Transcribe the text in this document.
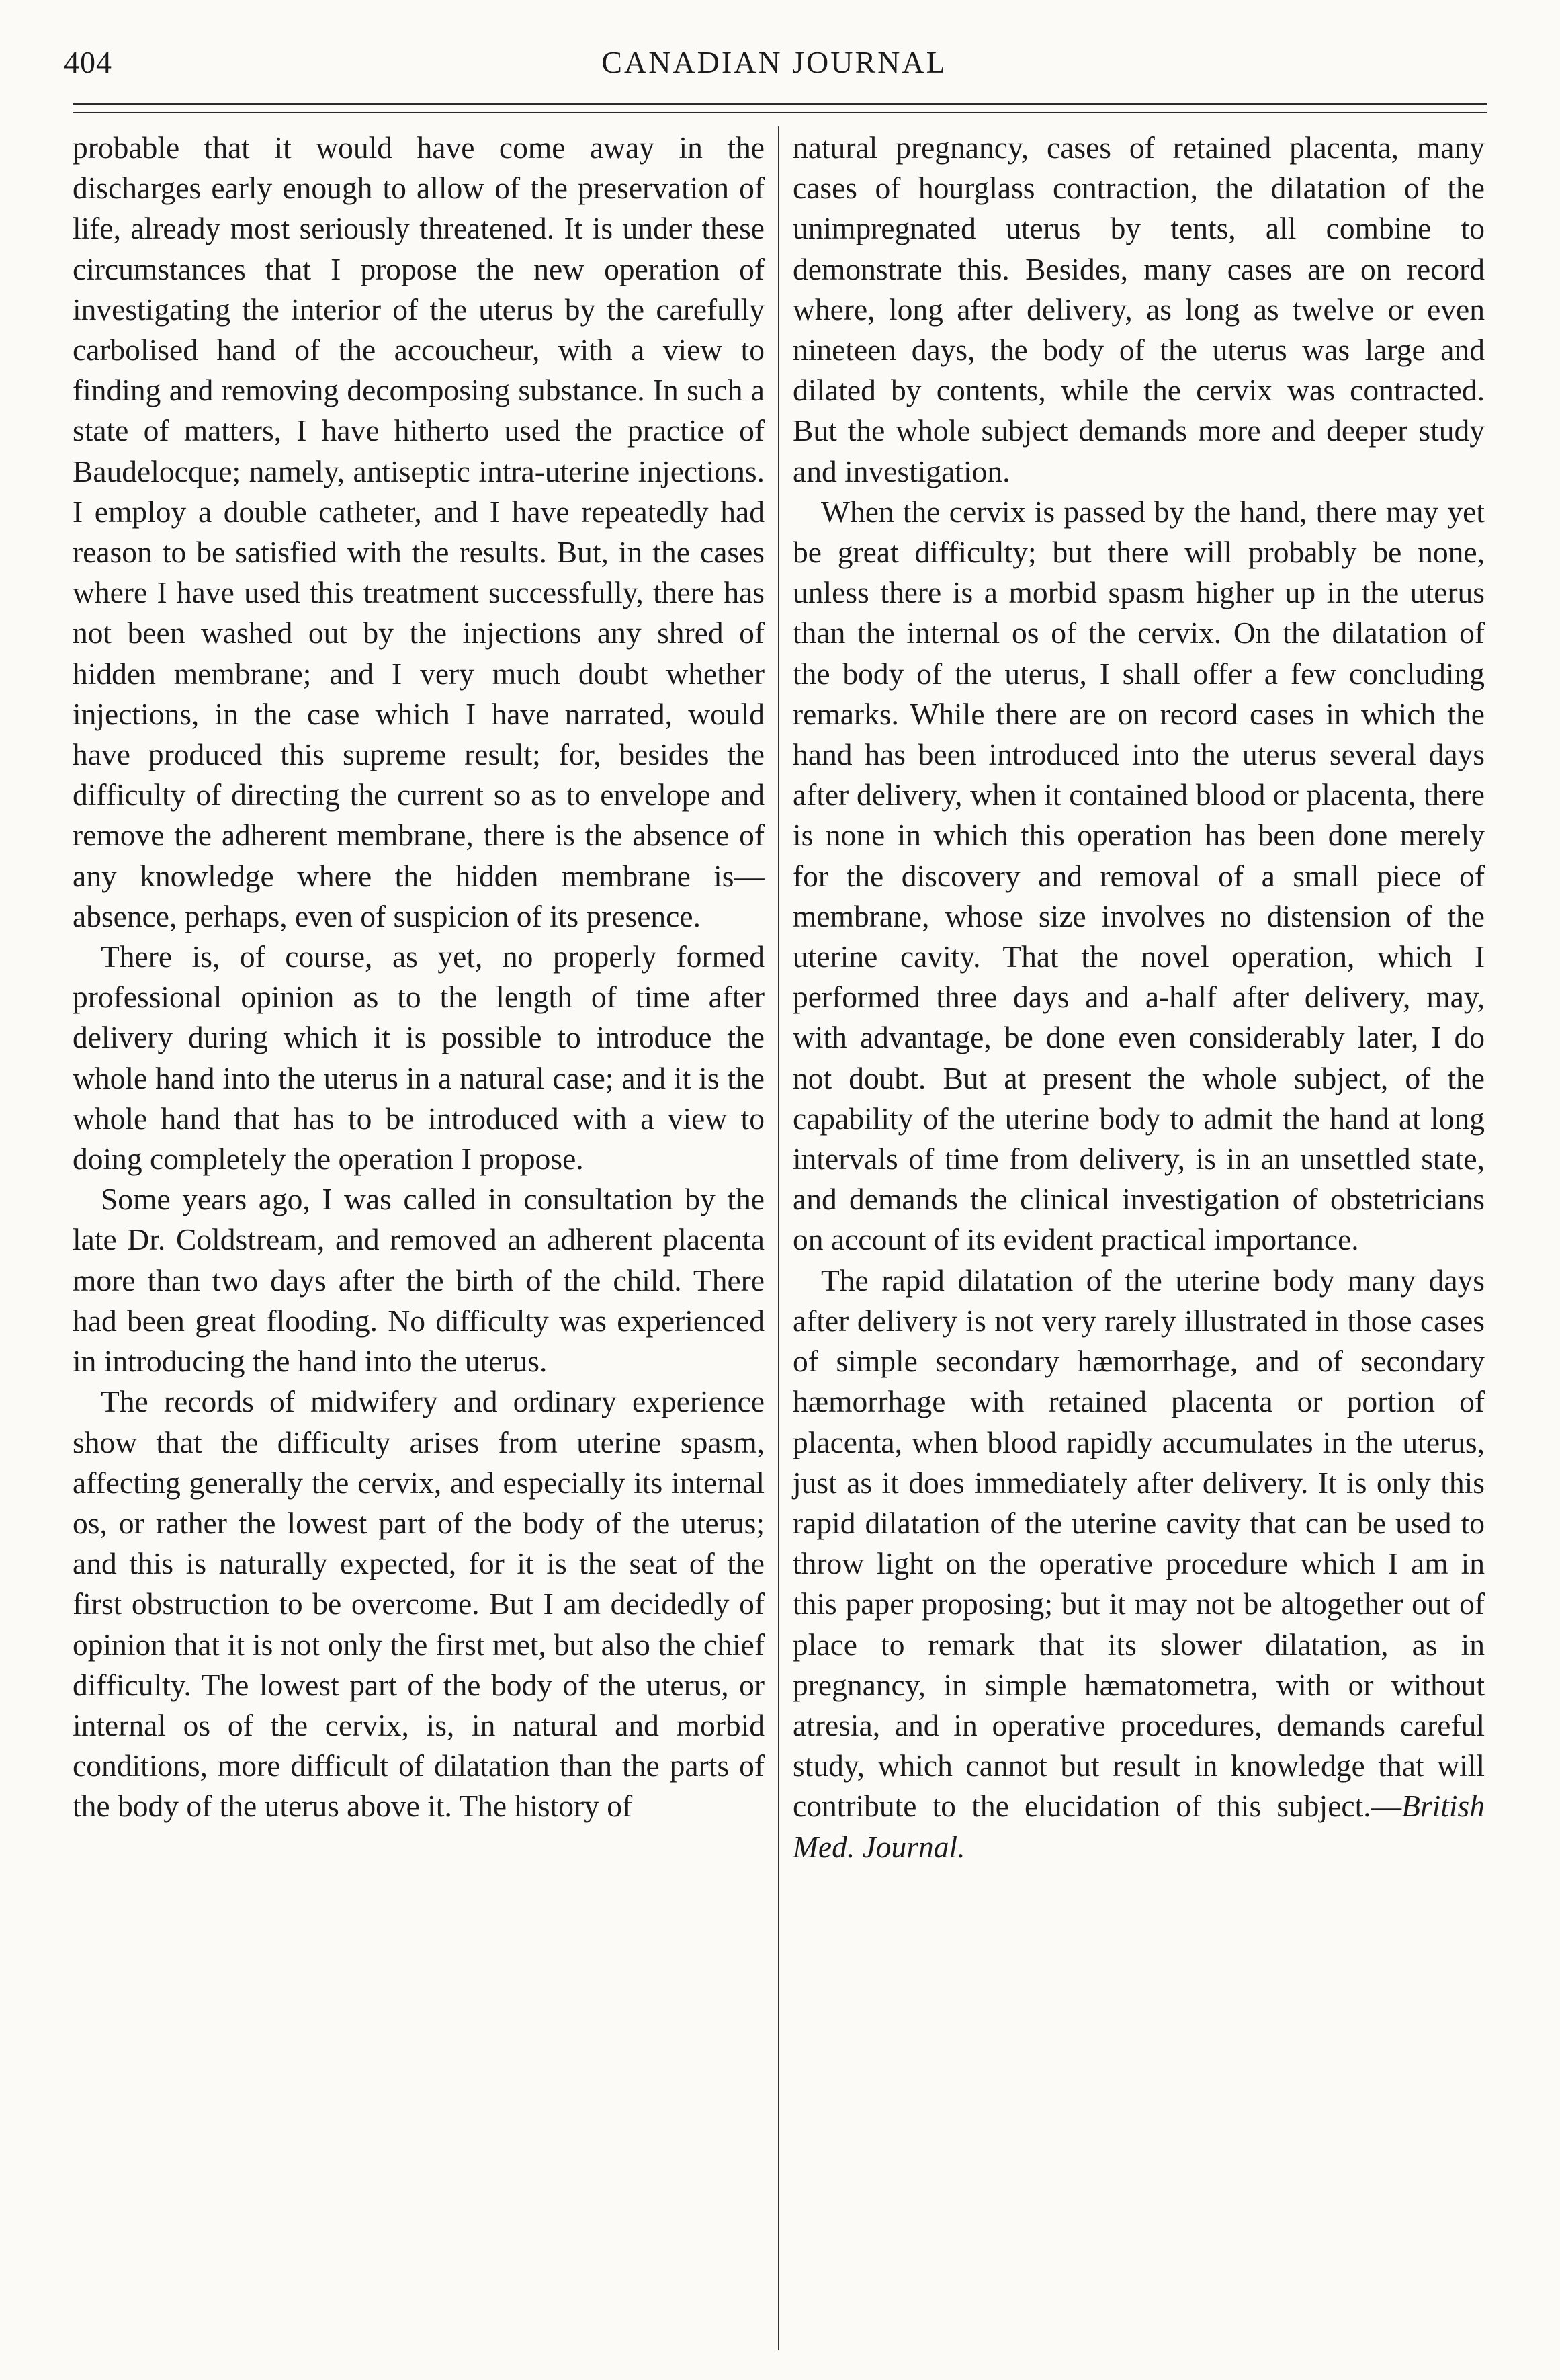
404	CANADIAN JOURNAL

probable that it would have come away in the discharges early enough to allow of the preservation of life, already most seriously threatened. It is under these circumstances that I propose the new operation of investigating the interior of the uterus by the carefully carbolised hand of the accoucheur, with a view to finding and removing decomposing substance. In such a state of matters, I have hitherto used the practice of Baudelocque; namely, antiseptic intra-uterine injections. I employ a double catheter, and I have repeatedly had reason to be satisfied with the results. But, in the cases where I have used this treatment successfully, there has not been washed out by the injections any shred of hidden membrane; and I very much doubt whether injections, in the case which I have narrated, would have produced this supreme result; for, besides the difficulty of directing the current so as to envelope and remove the adherent membrane, there is the absence of any knowledge where the hidden membrane is—absence, perhaps, even of suspicion of its presence.

There is, of course, as yet, no properly formed professional opinion as to the length of time after delivery during which it is possible to introduce the whole hand into the uterus in a natural case; and it is the whole hand that has to be introduced with a view to doing completely the operation I propose.

Some years ago, I was called in consultation by the late Dr. Coldstream, and removed an adherent placenta more than two days after the birth of the child. There had been great flooding. No difficulty was experienced in introducing the hand into the uterus.

The records of midwifery and ordinary experience show that the difficulty arises from uterine spasm, affecting generally the cervix, and especially its internal os, or rather the lowest part of the body of the uterus; and this is naturally expected, for it is the seat of the first obstruction to be overcome. But I am decidedly of opinion that it is not only the first met, but also the chief difficulty. The lowest part of the body of the uterus, or internal os of the cervix, is, in natural and morbid conditions, more difficult of dilatation than the parts of the body of the uterus above it. The history of

natural pregnancy, cases of retained placenta, many cases of hourglass contraction, the dilatation of the unimpregnated uterus by tents, all combine to demonstrate this. Besides, many cases are on record where, long after delivery, as long as twelve or even nineteen days, the body of the uterus was large and dilated by contents, while the cervix was contracted. But the whole subject demands more and deeper study and investigation.

When the cervix is passed by the hand, there may yet be great difficulty; but there will probably be none, unless there is a morbid spasm higher up in the uterus than the internal os of the cervix. On the dilatation of the body of the uterus, I shall offer a few concluding remarks. While there are on record cases in which the hand has been introduced into the uterus several days after delivery, when it contained blood or placenta, there is none in which this operation has been done merely for the discovery and removal of a small piece of membrane, whose size involves no distension of the uterine cavity. That the novel operation, which I performed three days and a-half after delivery, may, with advantage, be done even considerably later, I do not doubt. But at present the whole subject, of the capability of the uterine body to admit the hand at long intervals of time from delivery, is in an unsettled state, and demands the clinical investigation of obstetricians on account of its evident practical importance.

The rapid dilatation of the uterine body many days after delivery is not very rarely illustrated in those cases of simple secondary hæmorrhage, and of secondary hæmorrhage with retained placenta or portion of placenta, when blood rapidly accumulates in the uterus, just as it does immediately after delivery. It is only this rapid dilatation of the uterine cavity that can be used to throw light on the operative procedure which I am in this paper proposing; but it may not be altogether out of place to remark that its slower dilatation, as in pregnancy, in simple hæmatometra, with or without atresia, and in operative procedures, demands careful study, which cannot but result in knowledge that will contribute to the elucidation of this subject.—British Med. Journal.
